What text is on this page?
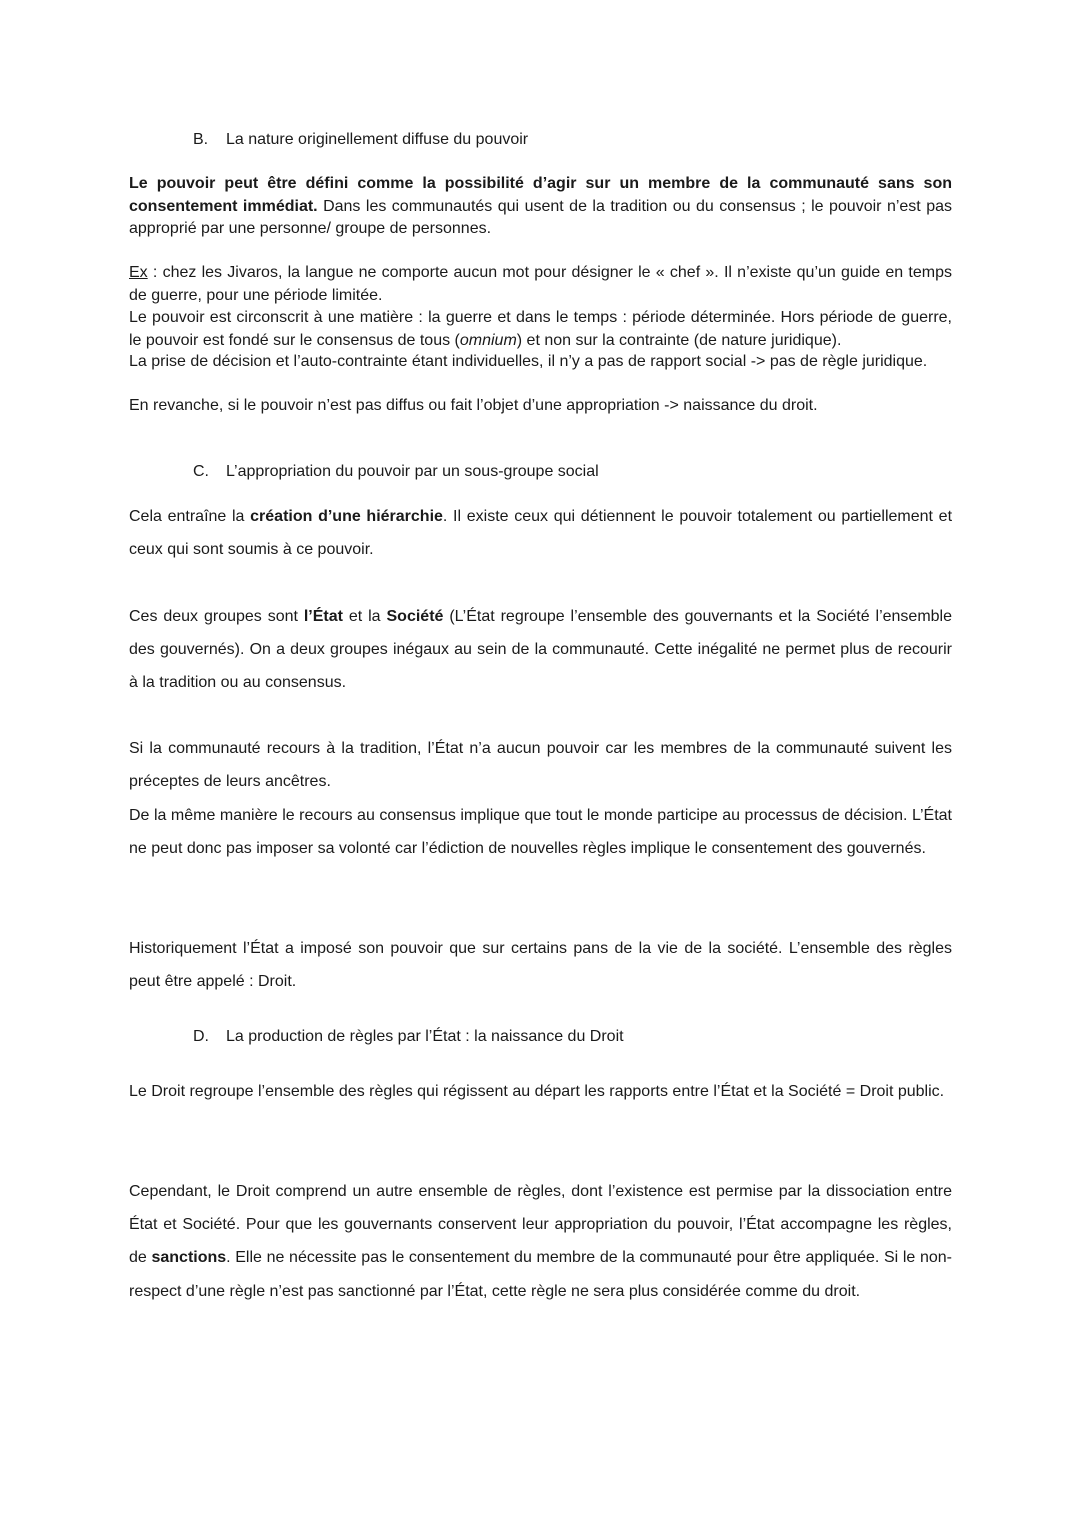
B. La nature originellement diffuse du pouvoir
Le pouvoir peut être défini comme la possibilité d’agir sur un membre de la communauté sans son consentement immédiat. Dans les communautés qui usent de la tradition ou du consensus ; le pouvoir n’est pas approprié par une personne/ groupe de personnes.
Ex : chez les Jivaros, la langue ne comporte aucun mot pour désigner le « chef ». Il n’existe qu’un guide en temps de guerre, pour une période limitée.
Le pouvoir est circonscrit à une matière : la guerre et dans le temps : période déterminée. Hors période de guerre, le pouvoir est fondé sur le consensus de tous (omnium) et non sur la contrainte (de nature juridique).
La prise de décision et l’auto-contrainte étant individuelles, il n’y a pas de rapport social -> pas de règle juridique.
En revanche, si le pouvoir n’est pas diffus ou fait l’objet d’une appropriation -> naissance du droit.
C. L’appropriation du pouvoir par un sous-groupe social
Cela entraîne la création d’une hiérarchie. Il existe ceux qui détiennent le pouvoir totalement ou partiellement et ceux qui sont soumis à ce pouvoir.
Ces deux groupes sont l’État et la Société (L’État regroupe l’ensemble des gouvernants et la Société l’ensemble des gouvernés). On a deux groupes inégaux au sein de la communauté. Cette inégalité ne permet plus de recourir à la tradition ou au consensus.
Si la communauté recours à la tradition, l’État n’a aucun pouvoir car les membres de la communauté suivent les préceptes de leurs ancêtres.
De la même manière le recours au consensus implique que tout le monde participe au processus de décision. L’État ne peut donc pas imposer sa volonté car l’édiction de nouvelles règles implique le consentement des gouvernés.
Historiquement l’État a imposé son pouvoir que sur certains pans de la vie de la société. L’ensemble des règles peut être appelé : Droit.
D. La production de règles par l’État : la naissance du Droit
Le Droit regroupe l’ensemble des règles qui régissent au départ les rapports entre l’État et la Société = Droit public.
Cependant, le Droit comprend un autre ensemble de règles, dont l’existence est permise par la dissociation entre État et Société. Pour que les gouvernants conservent leur appropriation du pouvoir, l’État accompagne les règles, de sanctions. Elle ne nécessite pas le consentement du membre de la communauté pour être appliquée. Si le non-respect d’une règle n’est pas sanctionné par l’État, cette règle ne sera plus considérée comme du droit.
